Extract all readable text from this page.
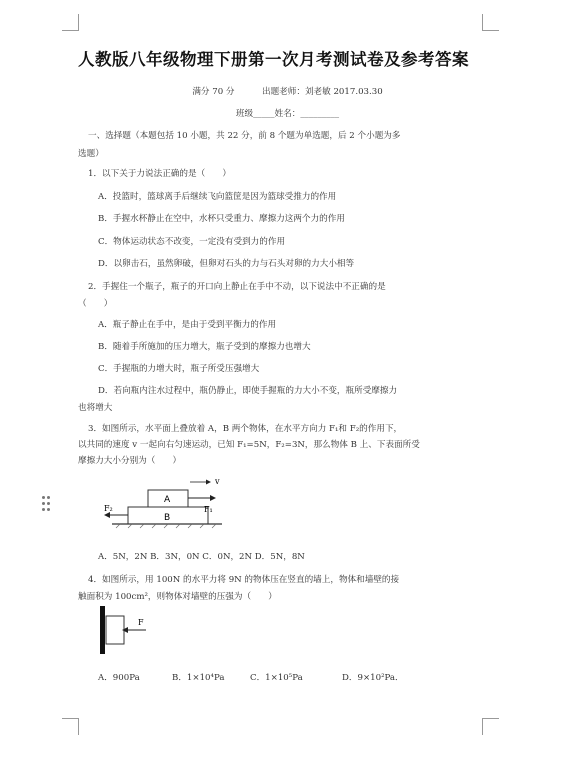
人教版八年级物理下册第一次月考测试卷及参考答案
满分 70 分	出题老师：刘老敏 2017.03.30
班级_____姓名：_________
一、选择题（本题包括 10 小题，共 22 分，前 8 个题为单选题，后 2 个小题为多
选题）
1．以下关于力说法正确的是（　　）
A．投篮时，篮球离手后继续飞向篮筐是因为篮球受推力的作用
B．手握水杯静止在空中，水杯只受重力、摩擦力这两个力的作用
C．物体运动状态不改变，一定没有受到力的作用
D．以卵击石，虽然卵破，但卵对石头的力与石头对卵的力大小相等
2．手握住一个瓶子，瓶子的开口向上静止在手中不动，以下说法中不正确的是
（　　）
A．瓶子静止在手中，是由于受到平衡力的作用
B．随着手所施加的压力增大，瓶子受到的摩擦力也增大
C．手握瓶的力增大时，瓶子所受压强增大
D．若向瓶内注水过程中，瓶仍静止，即使手握瓶的力大小不变，瓶所受摩擦力
也将增大
3．如图所示，水平面上叠放着 A，B 两个物体，在水平方向力 F₁和 F₂的作用下，
以共同的速度 v 一起向右匀速运动，已知 F₁=5N，F₂=3N，那么物体 B 上、下表面所受
摩擦力大小分别为（　　）
A
B
v
F₁
F₂
A．5N，2N B．3N，0N C．0N，2N D．5N，8N
4．如图所示，用 100N 的水平力将 9N 的物体压在竖直的墙上，物体和墙壁的接
触面积为 100cm²，则物体对墙壁的压强为（　　）
F
A．900Pa	B．1×10⁴Pa	C．1×10⁵Pa	D．9×10²Pa．
